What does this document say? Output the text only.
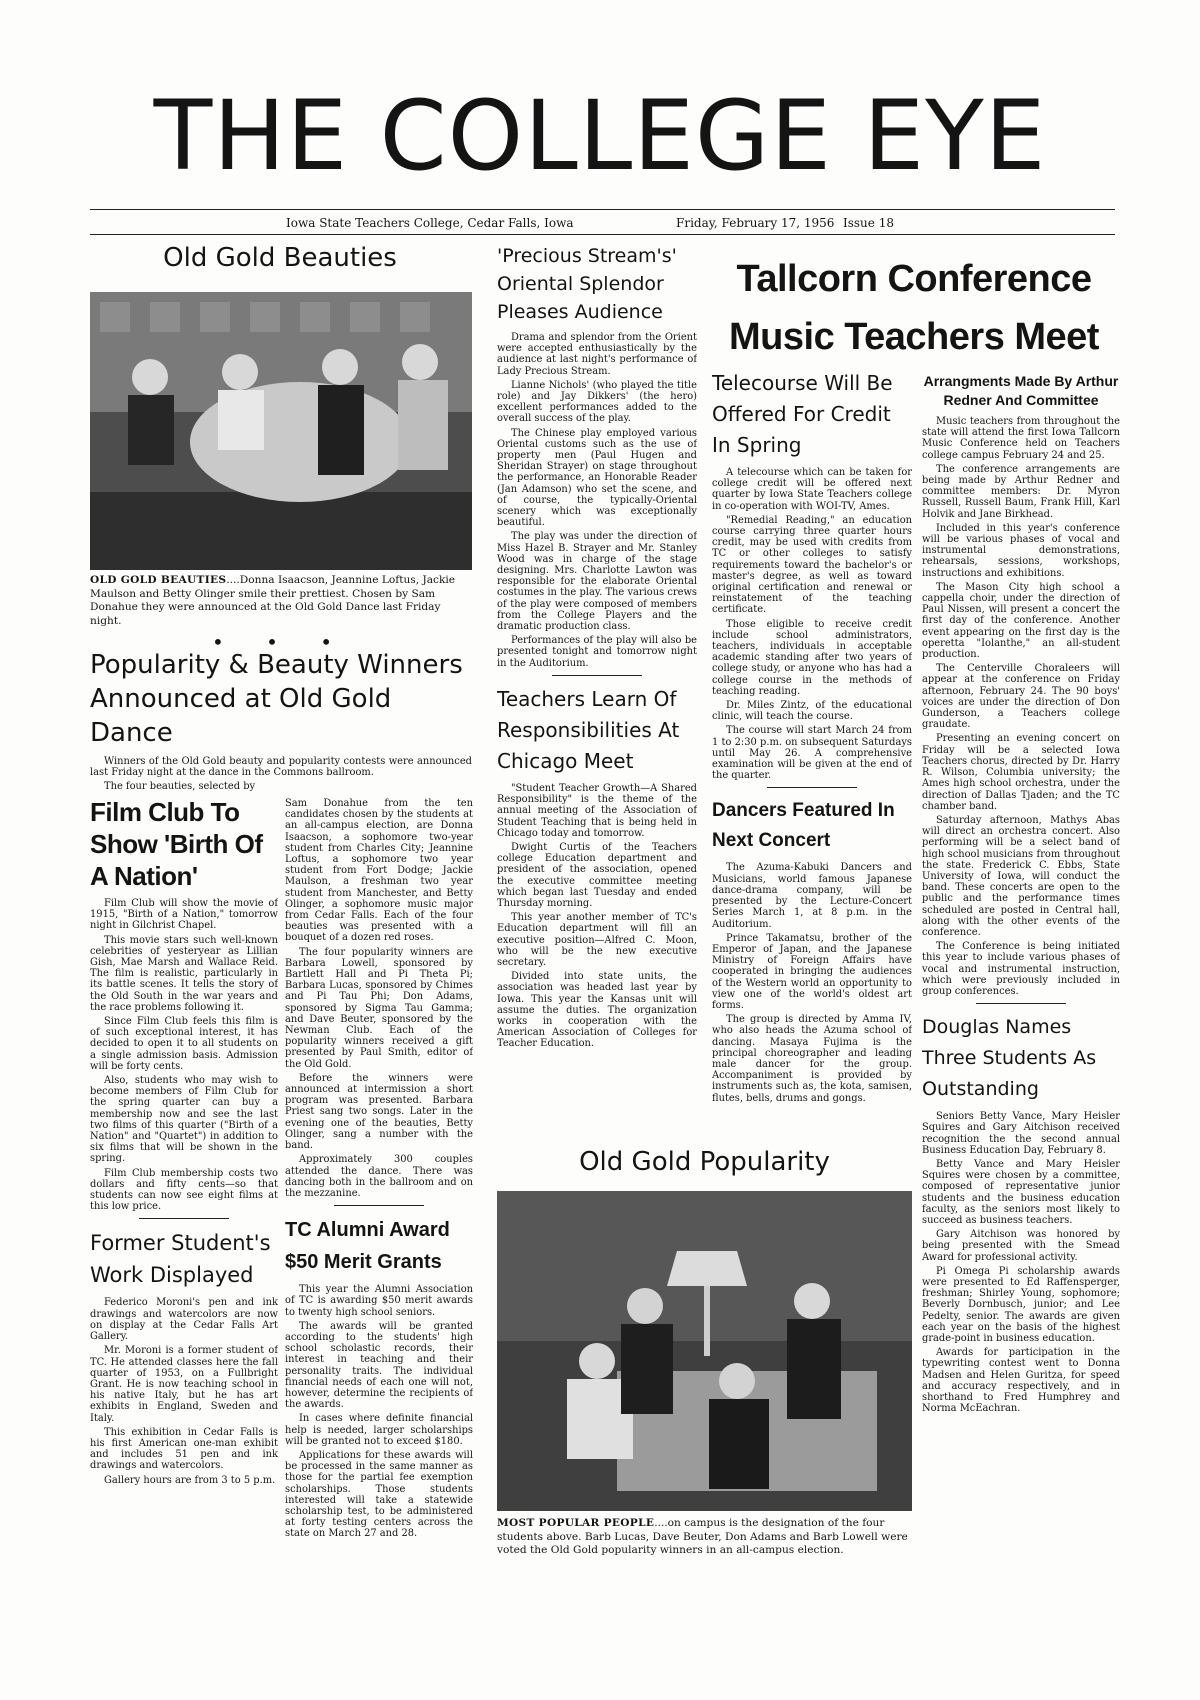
THE COLLEGE EYE
Iowa State Teachers College, Cedar Falls, Iowa	Friday, February 17, 1956 Issue 18
Old Gold Beauties
OLD GOLD BEAUTIES....Donna Isaacson, Jeannine Loftus, Jackie Maulson and Betty Olinger smile their prettiest. Chosen by Sam Donahue they were announced at the Old Gold Dance last Friday night.
• • •
Popularity & Beauty Winners Announced at Old Gold Dance

Winners of the Old Gold beauty and popularity contests were announced last Friday night at the dance in the Commons ballroom.

The four beauties, selected by

Film Club To Show 'Birth Of A Nation'

Film Club will show the movie of 1915, "Birth of a Nation," tomorrow night in Gilchrist Chapel.

This movie stars such well-known celebrities of yesteryear as Lillian Gish, Mae Marsh and Wallace Reid. The film is realistic, particularly in its battle scenes. It tells the story of the Old South in the war years and the race problems following it.

Since Film Club feels this film is of such exceptional interest, it has decided to open it to all students on a single admission basis. Admission will be forty cents.

Also, students who may wish to become members of Film Club for the spring quarter can buy a membership now and see the last two films of this quarter ("Birth of a Nation" and "Quartet") in addition to six films that will be shown in the spring.

Film Club membership costs two dollars and fifty cents—so that students can now see eight films at this low price.

Former Student's Work Displayed

Federico Moroni's pen and ink drawings and watercolors are now on display at the Cedar Falls Art Gallery.

Mr. Moroni is a former student of TC. He attended classes here the fall quarter of 1953, on a Fullbright Grant. He is now teaching school in his native Italy, but he has art exhibits in England, Sweden and Italy.

This exhibition in Cedar Falls is his first American one-man exhibit and includes 51 pen and ink drawings and watercolors.

Gallery hours are from 3 to 5 p.m.

Sam Donahue from the ten candidates chosen by the students at an all-campus election, are Donna Isaacson, a sophomore two-year student from Charles City; Jeannine Loftus, a sophomore two year student from Fort Dodge; Jackie Maulson, a freshman two year student from Manchester, and Betty Olinger, a sophomore music major from Cedar Falls. Each of the four beauties was presented with a bouquet of a dozen red roses.

The four popularity winners are Barbara Lowell, sponsored by Bartlett Hall and Pi Theta Pi; Barbara Lucas, sponsored by Chimes and Pi Tau Phi; Don Adams, sponsored by Sigma Tau Gamma; and Dave Beuter, sponsored by the Newman Club. Each of the popularity winners received a gift presented by Paul Smith, editor of the Old Gold.

Before the winners were announced at intermission a short program was presented. Barbara Priest sang two songs. Later in the evening one of the beauties, Betty Olinger, sang a number with the band.

Approximately 300 couples attended the dance. There was dancing both in the ballroom and on the mezzanine.

TC Alumni Award $50 Merit Grants

This year the Alumni Association of TC is awarding $50 merit awards to twenty high school seniors.

The awards will be granted according to the students' high school scholastic records, their interest in teaching and their personality traits. The individual financial needs of each one will not, however, determine the recipients of the awards.

In cases where definite financial help is needed, larger scholarships will be granted not to exceed $180.

Applications for these awards will be processed in the same manner as those for the partial fee exemption scholarships. Those students interested will take a statewide scholarship test, to be administered at forty testing centers across the state on March 27 and 28.

'Precious Stream's' Oriental Splendor Pleases Audience

Drama and splendor from the Orient were accepted enthusiastically by the audience at last night's performance of Lady Precious Stream.

Lianne Nichols' (who played the title role) and Jay Dikkers' (the hero) excellent performances added to the overall success of the play.

The Chinese play employed various Oriental customs such as the use of property men (Paul Hugen and Sheridan Strayer) on stage throughout the performance, an Honorable Reader (Jan Adamson) who set the scene, and of course, the typically-Oriental scenery which was exceptionally beautiful.

The play was under the direction of Miss Hazel B. Strayer and Mr. Stanley Wood was in charge of the stage designing. Mrs. Charlotte Lawton was responsible for the elaborate Oriental costumes in the play. The various crews of the play were composed of members from the College Players and the dramatic production class.

Performances of the play will also be presented tonight and tomorrow night in the Auditorium.

Teachers Learn Of Responsibilities At Chicago Meet

"Student Teacher Growth—A Shared Responsibility" is the theme of the annual meeting of the Association of Student Teaching that is being held in Chicago today and tomorrow.

Dwight Curtis of the Teachers college Education department and president of the association, opened the executive committee meeting which began last Tuesday and ended Thursday morning.

This year another member of TC's Education department will fill an executive position—Alfred C. Moon, who will be the new executive secretary.

Divided into state units, the association was headed last year by Iowa. This year the Kansas unit will assume the duties. The organization works in cooperation with the American Association of Colleges for Teacher Education.

Tallcorn Conference Music Teachers Meet
Telecourse Will Be Offered For Credit In Spring

A telecourse which can be taken for college credit will be offered next quarter by Iowa State Teachers college in co-operation with WOI-TV, Ames.

"Remedial Reading," an education course carrying three quarter hours credit, may be used with credits from TC or other colleges to satisfy requirements toward the bachelor's or master's degree, as well as toward original certification and renewal or reinstatement of the teaching certificate.

Those eligible to receive credit include school administrators, teachers, individuals in acceptable academic standing after two years of college study, or anyone who has had a college course in the methods of teaching reading.

Dr. Miles Zintz, of the educational clinic, will teach the course.

The course will start March 24 from 1 to 2:30 p.m. on subsequent Saturdays until May 26. A comprehensive examination will be given at the end of the quarter.

Dancers Featured In Next Concert

The Azuma-Kabuki Dancers and Musicians, world famous Japanese dance-drama company, will be presented by the Lecture-Concert Series March 1, at 8 p.m. in the Auditorium.

Prince Takamatsu, brother of the Emperor of Japan, and the Japanese Ministry of Foreign Affairs have cooperated in bringing the audiences of the Western world an opportunity to view one of the world's oldest art forms.

The group is directed by Amma IV, who also heads the Azuma school of dancing. Masaya Fujima is the principal choreographer and leading male dancer for the group. Accompaniment is provided by instruments such as, the kota, samisen, flutes, bells, drums and gongs.

Arrangments Made By Arthur Redner And Committee

Music teachers from throughout the state will attend the first Iowa Tallcorn Music Conference held on Teachers college campus February 24 and 25.

The conference arrangements are being made by Arthur Redner and committee members: Dr. Myron Russell, Russell Baum, Frank Hill, Karl Holvik and Jane Birkhead.

Included in this year's conference will be various phases of vocal and instrumental demonstrations, rehearsals, sessions, workshops, instructions and exhibitions.

The Mason City high school a cappella choir, under the direction of Paul Nissen, will present a concert the first day of the conference. Another event appearing on the first day is the operetta "Iolanthe," an all-student production.

The Centerville Choraleers will appear at the conference on Friday afternoon, February 24. The 90 boys' voices are under the direction of Don Gunderson, a Teachers college graudate.

Presenting an evening concert on Friday will be a selected Iowa Teachers chorus, directed by Dr. Harry R. Wilson, Columbia university; the Ames high school orchestra, under the direction of Dallas Tjaden; and the TC chamber band.

Saturday afternoon, Mathys Abas will direct an orchestra concert. Also performing will be a select band of high school musicians from throughout the state. Frederick C. Ebbs, State University of Iowa, will conduct the band. These concerts are open to the public and the performance times scheduled are posted in Central hall, along with the other events of the conference.

The Conference is being initiated this year to include various phases of vocal and instrumental instruction, which were previously included in group conferences.

Douglas Names Three Students As Outstanding

Seniors Betty Vance, Mary Heisler Squires and Gary Aitchison received recognition the the second annual Business Education Day, February 8.

Betty Vance and Mary Heisler Squires were chosen by a committee, composed of representative junior students and the business education faculty, as the seniors most likely to succeed as business teachers.

Gary Aitchison was honored by being presented with the Smead Award for professional activity.

Pi Omega Pi scholarship awards were presented to Ed Raffensperger, freshman; Shirley Young, sophomore; Beverly Dornbusch, junior; and Lee Pedelty, senior. The awards are given each year on the basis of the highest grade-point in business education.

Awards for participation in the typewriting contest went to Donna Madsen and Helen Guritza, for speed and accuracy respectively, and in shorthand to Fred Humphrey and Norma McEachran.

Old Gold Popularity
MOST POPULAR PEOPLE....on campus is the designation of the four students above. Barb Lucas, Dave Beuter, Don Adams and Barb Lowell were voted the Old Gold popularity winners in an all-campus election.
